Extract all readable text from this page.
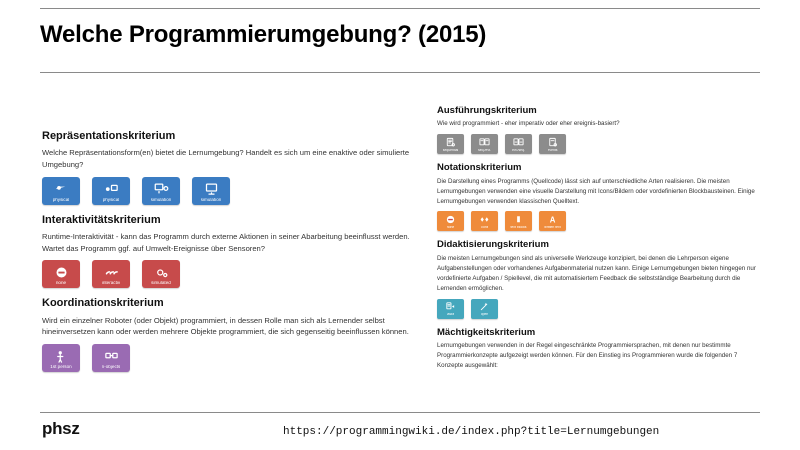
Welche Programmierumgebung? (2015)
Repräsentationskriterium
Welche Repräsentationsform(en) bietet die Lernumgebung? Handelt es sich um eine enaktive oder simulierte Umgebung?
physical	physical	simulation	simulation
Interaktivitätskriterium
Runtime-Interaktivität - kann das Programm durch externe Aktionen in seiner Abarbeitung beeinflusst werden. Wartet das Programm ggf. auf Umwelt-Ereignisse über Sensoren?
none	interactiv	simulated
Koordinationskriterium
Wird ein einzelner Roboter (oder Objekt) programmiert, in dessen Rolle man sich als Lernender selbst hineinversetzen kann oder werden mehrere Objekte programmiert, die sich gegenseitig beeinflussen können.
1st person	n-objects
Ausführungskriterium
Wie wird programmiert - eher imperativ oder eher ereignis-basiert?
sequential	seq./evt.	evt./seq.	events
Notationskriterium
Die Darstellung eines Programms (Quellcode) lässt sich auf unterschiedliche Arten realisieren. Die meisten Lernumgebungen verwenden eine visuelle Darstellung mit Icons/Bildern oder vordefinierten Blockbausteinen. Einige Lernumgebungen verwenden klassischen Quelltext.
none	icons	text blocks
A
written text
Didaktisierungskriterium
Die meisten Lernumgebungen sind als universelle Werkzeuge konzipiert, bei denen die Lehrperson eigene Aufgabenstellungen oder vorhandenes Aufgabenmaterial nutzen kann. Einige Lernumgebungen bieten hingegen nur vordefinierte Aufgaben / Spiellevel, die mit automatisiertem Feedback die selbstständige Bearbeitung durch die Lernenden ermöglichen.
tasks	open
Mächtigkeitskriterium
Lernumgebungen verwenden in der Regel eingeschränkte Programmiersprachen, mit denen nur bestimmte Programmierkonzepte aufgezeigt werden können. Für den Einstieg ins Programmieren wurde die folgenden 7 Konzepte ausgewählt:
phsz	https://programmingwiki.de/index.php?title=Lernumgebungen
